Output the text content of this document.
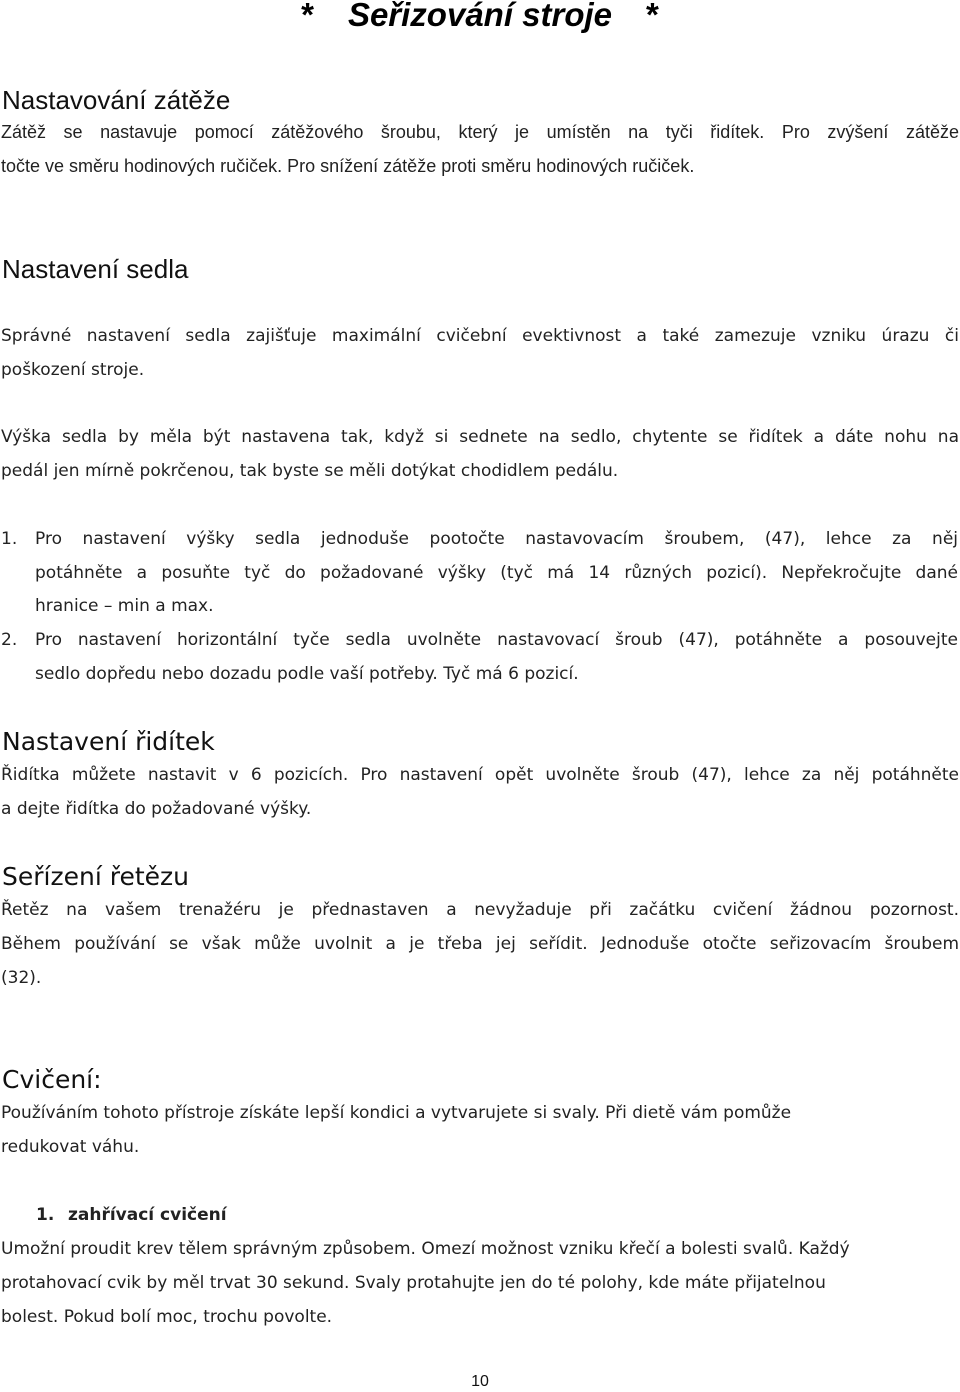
* Seřizování stroje *
Nastavování zátěže

Zátěž se nastavuje pomocí zátěžového šroubu, který je umístěn na tyči řidítek. Pro zvýšení zátěže

točte ve směru hodinových ručiček. Pro snížení zátěže proti směru hodinových ručiček.

Nastavení sedla

Správné nastavení sedla zajišťuje maximální cvičební evektivnost a také zamezuje vzniku úrazu či

poškození stroje.

Výška sedla by měla být nastavena tak, když si sednete na sedlo, chytente se řidítek a dáte nohu na

pedál jen mírně pokrčenou, tak byste se měli dotýkat chodidlem pedálu.

1. Pro nastavení výšky sedla jednoduše pootočte nastavovacím šroubem, (47), lehce za něj

potáhněte a posuňte tyč do požadované výšky (tyč má 14 různých pozicí). Nepřekročujte dané

hranice – min a max.

2. Pro nastavení horizontální tyče sedla uvolněte nastavovací šroub (47), potáhněte a posouvejte

sedlo dopředu nebo dozadu podle vaší potřeby. Tyč má 6 pozicí.

Nastavení řidítek

Řidítka můžete nastavit v 6 pozicích. Pro nastavení opět uvolněte šroub (47), lehce za něj potáhněte

a dejte řidítka do požadované výšky.

Seřízení řetězu

Řetěz na vašem trenažéru je přednastaven a nevyžaduje při začátku cvičení žádnou pozornost.

Během používání se však může uvolnit a je třeba jej seřídit. Jednoduše otočte seřizovacím šroubem

(32).

Cvičení:

Používáním tohoto přístroje získáte lepší kondici a vytvarujete si svaly. Při dietě vám pomůže

redukovat váhu.

1. zahřívací cvičení

Umožní proudit krev tělem správným způsobem. Omezí možnost vzniku křečí a bolesti svalů. Každý

protahovací cvik by měl trvat 30 sekund. Svaly protahujte jen do té polohy, kde máte přijatelnou

bolest. Pokud bolí moc, trochu povolte.

10
